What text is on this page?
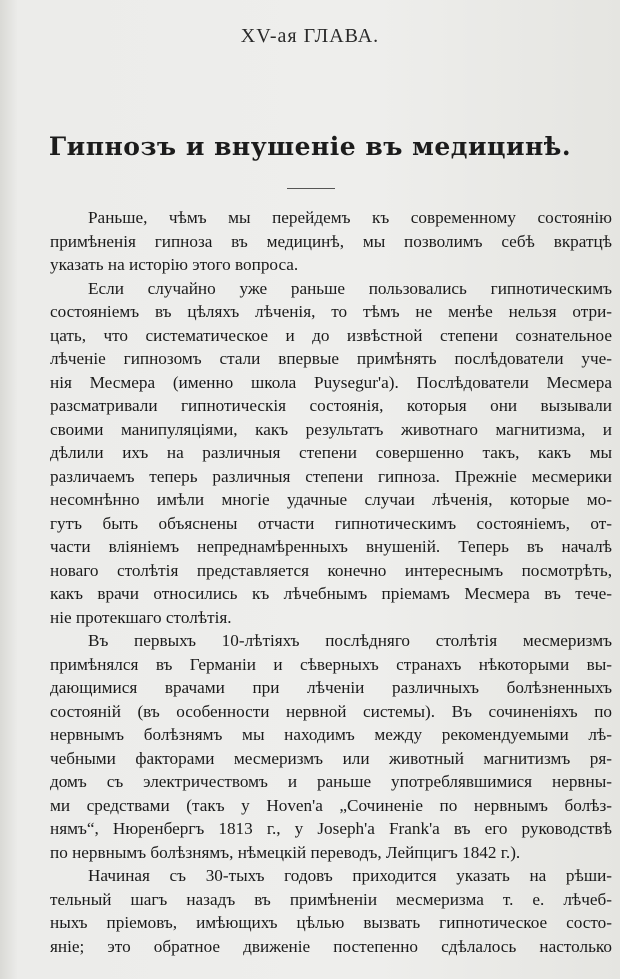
XV-ая ГЛАВА.
Гипнозъ и внушеніе въ медицинѣ.
Раньше, чѣмъ мы перейдемъ къ современному состоянію
примѣненія гипноза въ медицинѣ, мы позволимъ себѣ вкратцѣ
указать на исторію этого вопроса.
Если случайно уже раньше пользовались гипнотическимъ
состояніемъ въ цѣляхъ лѣченія, то тѣмъ не менѣе нельзя отри-
цать, что систематическое и до извѣстной степени сознательное
лѣченіе гипнозомъ стали впервые примѣнять послѣдователи уче-
нія Месмера (именно школа Puysegur'а). Послѣдователи Месмера
разсматривали гипнотическія состоянія, которыя они вызывали
своими манипуляціями, какъ результатъ животнаго магнитизма, и
дѣлили ихъ на различныя степени совершенно такъ, какъ мы
различаемъ теперь различныя степени гипноза. Прежніе месмерики
несомнѣнно имѣли многіе удачные случаи лѣченія, которые мо-
гутъ быть объяснены отчасти гипнотическимъ состояніемъ, от-
части вліяніемъ непреднамѣренныхъ внушеній. Теперь въ началѣ
новаго столѣтія представляется конечно интереснымъ посмотрѣть,
какъ врачи относились къ лѣчебнымъ пріемамъ Месмера въ тече-
ніе протекшаго столѣтія.
Въ первыхъ 10-лѣтіяхъ послѣдняго столѣтія месмеризмъ
примѣнялся въ Германіи и сѣверныхъ странахъ нѣкоторыми вы-
дающимися врачами при лѣченіи различныхъ болѣзненныхъ
состояній (въ особенности нервной системы). Въ сочиненіяхъ по
нервнымъ болѣзнямъ мы находимъ между рекомендуемыми лѣ-
чебными факторами месмеризмъ или животный магнитизмъ ря-
домъ съ электричествомъ и раньше употреблявшимися нервны-
ми средствами (такъ у Hoven'а „Сочиненіе по нервнымъ болѣз-
нямъ“, Нюренбергъ 1813 г., у Joseph'а Frank'а въ его руководствѣ
по нервнымъ болѣзнямъ, нѣмецкій переводъ, Лейпцигъ 1842 г.).
Начиная съ 30-тыхъ годовъ приходится указать на рѣши-
тельный шагъ назадъ въ примѣненіи месмеризма т. е. лѣчеб-
ныхъ пріемовъ, имѣющихъ цѣлью вызвать гипнотическое состо-
яніе; это обратное движеніе постепенно сдѣлалось настолько
